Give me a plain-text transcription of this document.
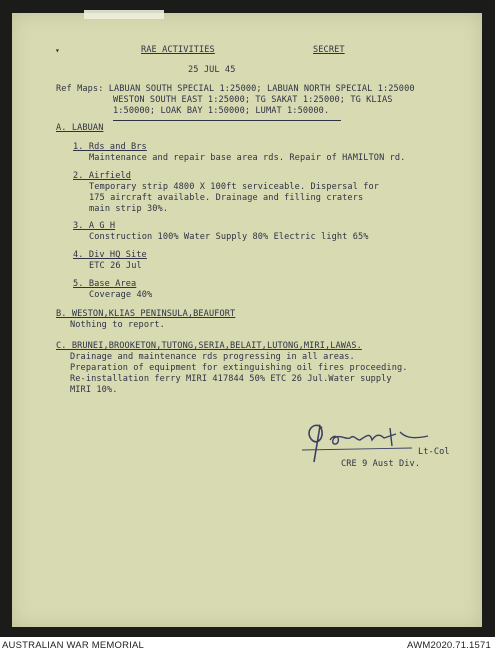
▾	RAE ACTIVITIES	SECRET
25 JUL 45
Ref Maps: LABUAN SOUTH SPECIAL 1:25000; LABUAN NORTH SPECIAL 1:25000
WESTON SOUTH EAST 1:25000; TG SAKAT 1:25000; TG KLIAS
1:50000; LOAK BAY 1:50000; LUMAT 1:50000.
A. LABUAN
1. Rds and Brs
Maintenance and repair base area rds. Repair of HAMILTON rd.
2. Airfield
Temporary strip 4800 X 100ft serviceable. Dispersal for
175 aircraft available. Drainage and filling craters
main strip 30%.
3. A G H
Construction 100% Water Supply 80% Electric light 65%
4. Div HQ Site
ETC 26 Jul
5. Base Area
Coverage 40%
B. WESTON,KLIAS PENINSULA,BEAUFORT
Nothing to report.
C. BRUNEI,BROOKETON,TUTONG,SERIA,BELAIT,LUTONG,MIRI,LAWAS.
Drainage and maintenance rds progressing in all areas.
Preparation of equipment for extinguishing oil fires proceeding.
Re-installation ferry MIRI 417844 50% ETC 26 Jul.Water supply
MIRI 10%.
Lt-Col
CRE 9 Aust Div.
AUSTRALIAN WAR MEMORIAL	AWM2020.71.1571
